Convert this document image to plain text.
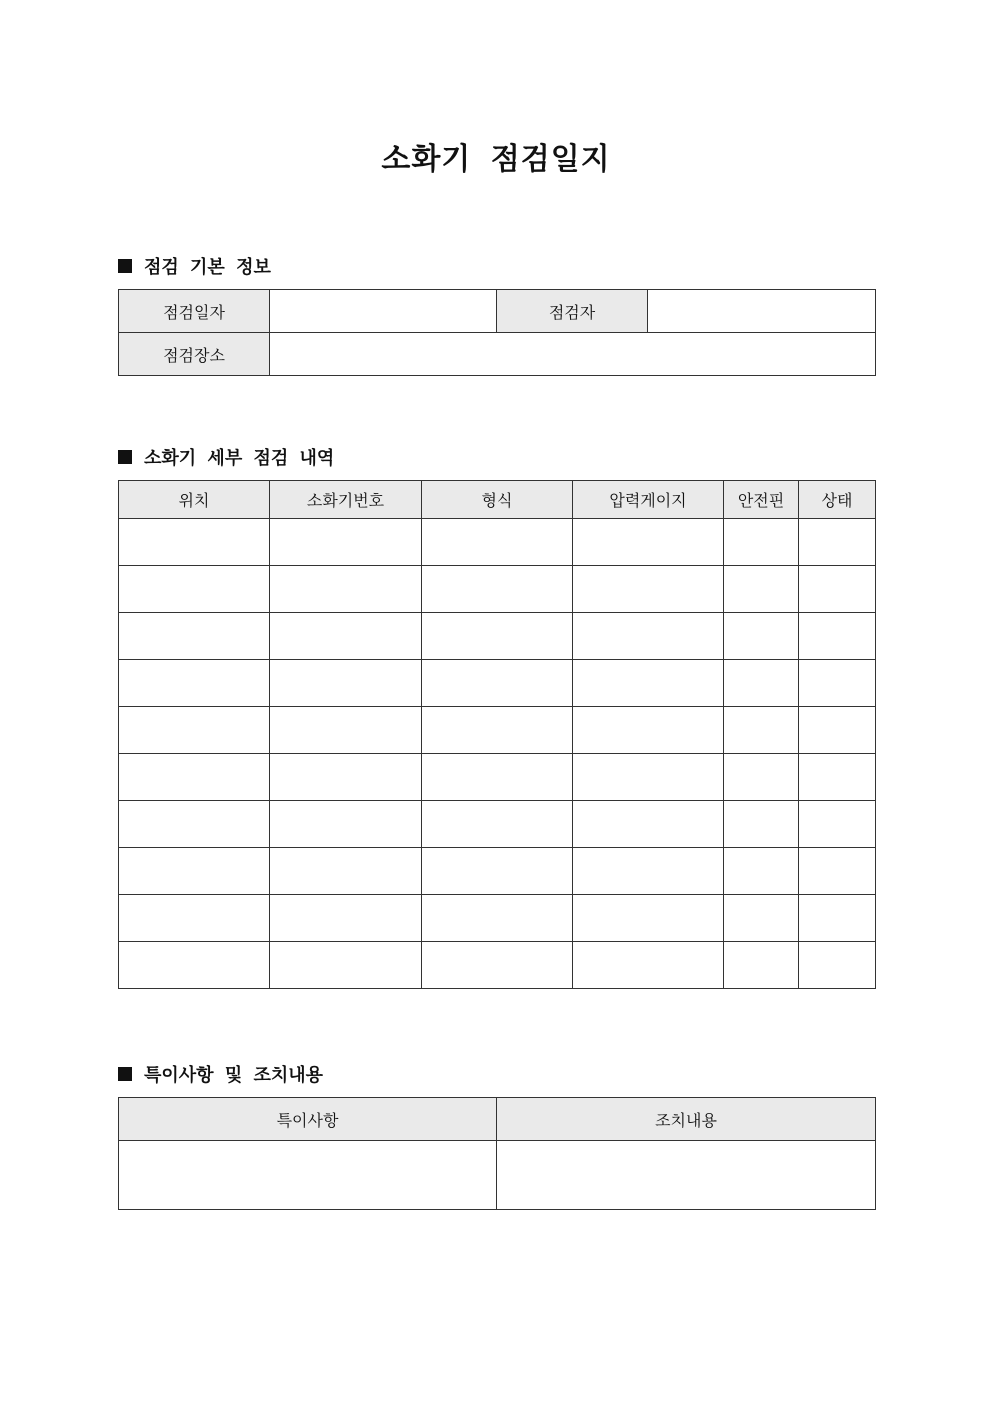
소화기 점검일지
점검 기본 정보
점검일자		점검자	
점검장소			
소화기 세부 점검 내역
위치	소화기번호	형식	압력게이지	안전핀	상태

특이사항 및 조치내용
특이사항	조치내용
